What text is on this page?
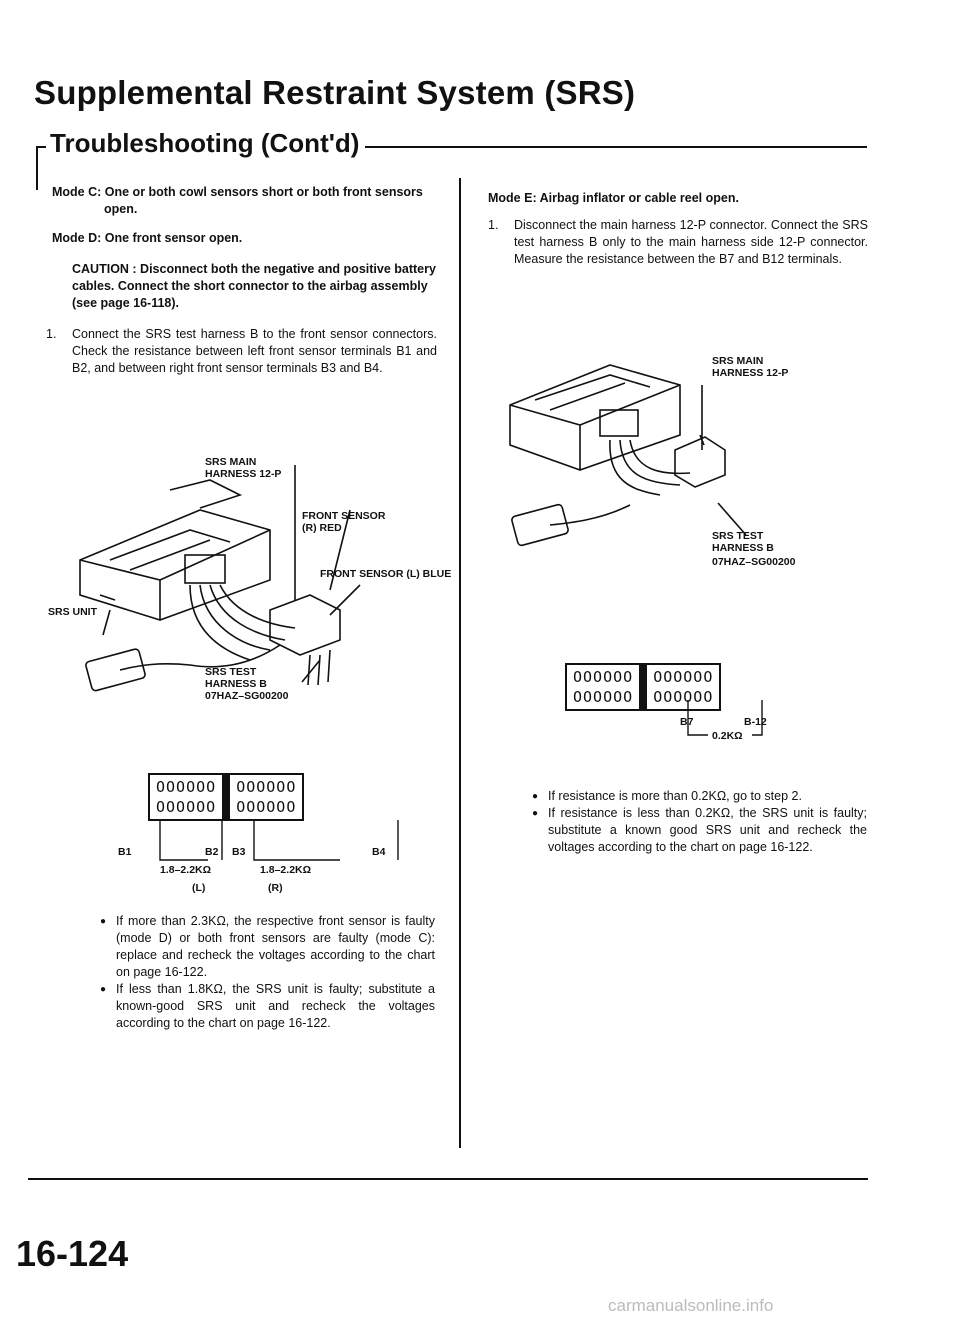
Supplemental Restraint System (SRS)
Troubleshooting (Cont'd)

Mode C: One or both cowl sensors short or both front sensors open.

Mode D: One front sensor open.

CAUTION : Disconnect both the negative and positive battery cables. Connect the short connector to the airbag assembly (see page 16-118).

1.	Connect the SRS test harness B to the front sensor connectors. Check the resistance between left front sensor terminals B1 and B2, and between right front sensor terminals B3 and B4.

SRS MAIN HARNESS 12-P
FRONT SENSOR (R) RED
FRONT SENSOR (L) BLUE
SRS UNIT
SRS TEST HARNESS B
07HAZ–SG00200
OOOOOO
OOOOOO
OOOOOO
OOOOOO
B1	B2 B3	B4
1.8–2.2KΩ	1.8–2.2KΩ
(L)	(R)

● If more than 2.3KΩ, the respective front sensor is faulty (mode D) or both front sensors are faulty (mode C): replace and recheck the voltages according to the chart on page 16-122.

● If less than 1.8KΩ, the SRS unit is faulty; substitute a known-good SRS unit and recheck the voltages according to the chart on page 16-122.

Mode E: Airbag inflator or cable reel open.

1.	Disconnect the main harness 12-P connector. Connect the SRS test harness B only to the main harness side 12-P connector. Measure the resistance between the B7 and B12 terminals.

SRS MAIN HARNESS 12-P
SRS TEST HARNESS B
07HAZ–SG00200
OOOOOO
OOOOOO
OOOOOO
OOOOOO
B7	B-12
0.2KΩ

● If resistance is more than 0.2KΩ, go to step 2.

● If resistance is less than 0.2KΩ, the SRS unit is faulty; substitute a known good SRS unit and recheck the voltages according to the chart on page 16-122.

16-124
carmanualsonline.info
